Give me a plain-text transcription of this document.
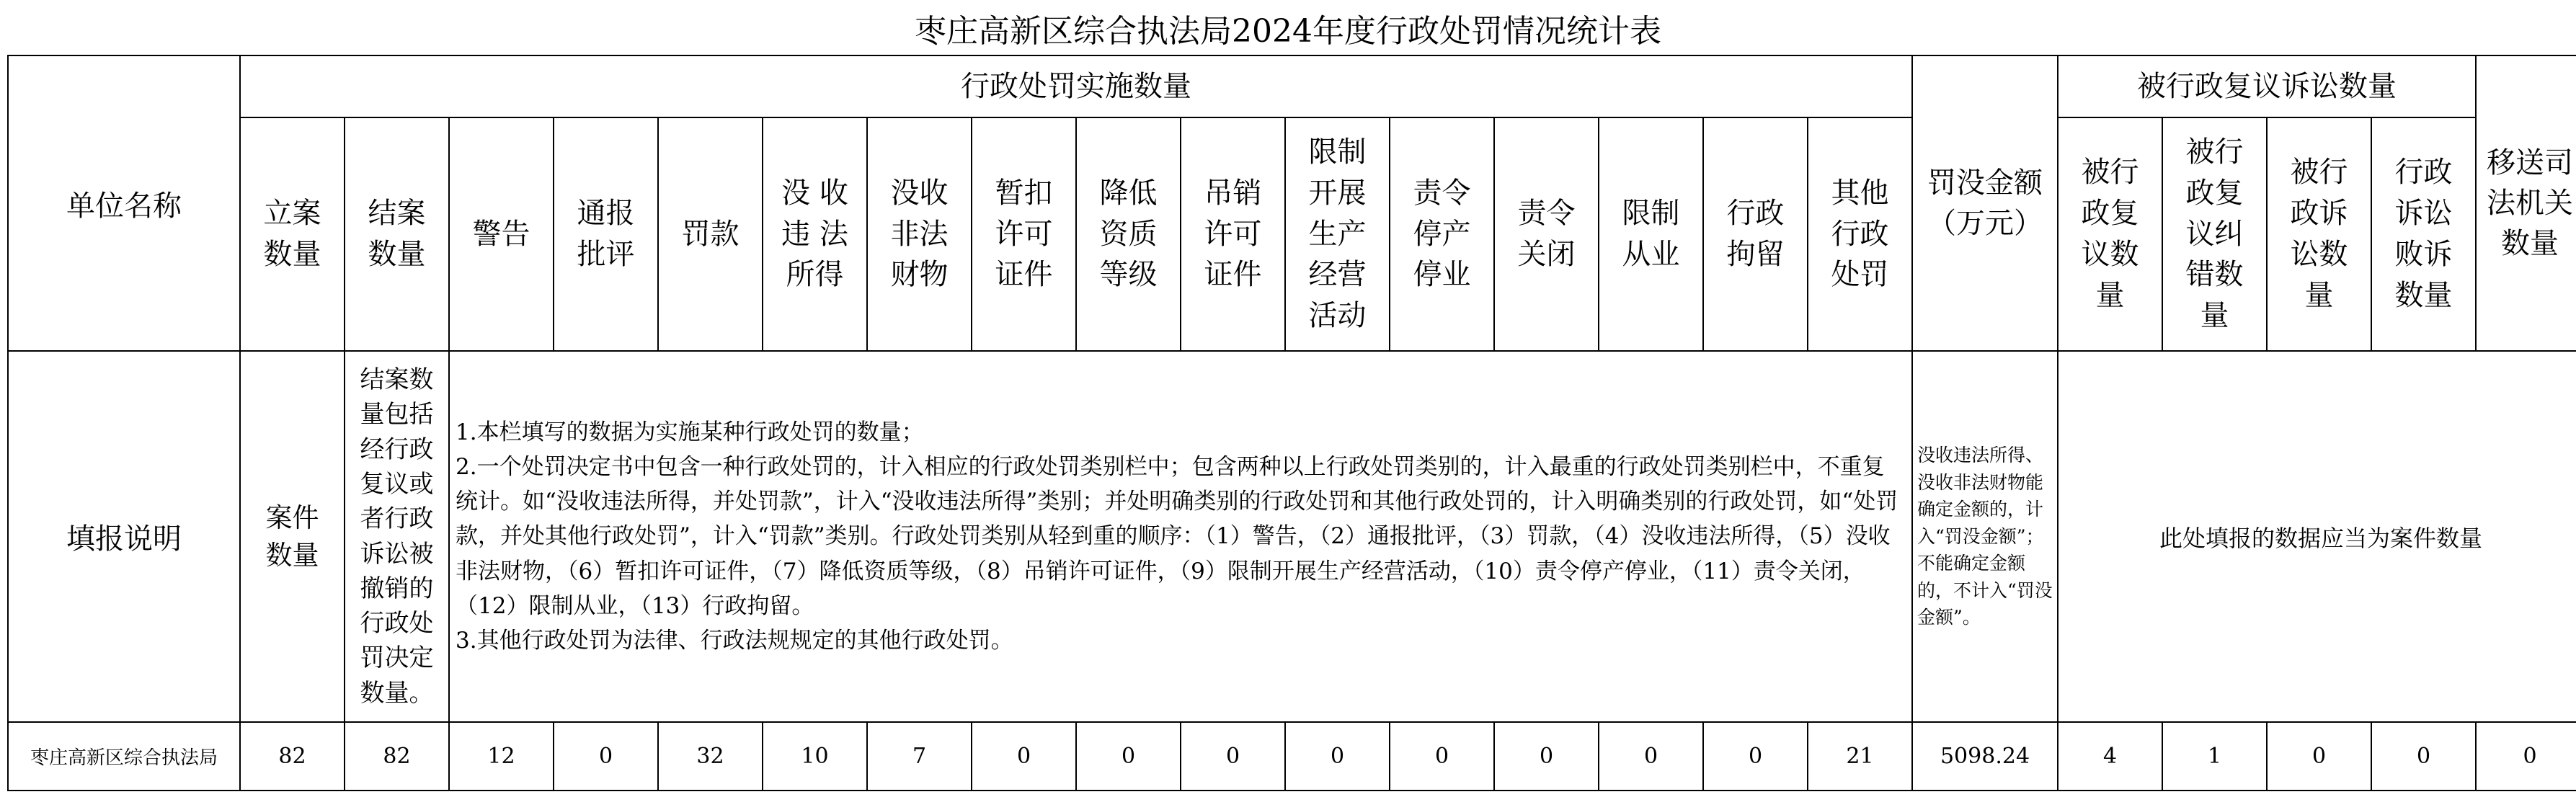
枣庄高新区综合执法局2024年度行政处罚情况统计表
单位名称	行政处罚实施数量																罚没金额（万元）	被行政复议诉讼数量				移送司法机关数量
	立案数量	结案数量	警告	通报批评	罚款	没 收违 法所得	没收非法财物	暂扣许可证件	降低资质等级	吊销许可证件	限制开展生产经营活动	责令停产停业	责令关闭	限制从业	行政拘留	其他行政处罚		被行政复议数量	被行政复议纠错数量	被行政诉讼数量	行政诉讼败诉数量	
填报说明	案件数量	结案数量包括经行政复议或者行政诉讼被撤销的行政处罚决定数量。	1.本栏填写的数据为实施某种行政处罚的数量；
2.一个处罚决定书中包含一种行政处罚的，计入相应的行政处罚类别栏中；包含两种以上行政处罚类别的，计入最重的行政处罚类别栏中，不重复统计。如“没收违法所得，并处罚款”，计入“没收违法所得”类别；并处明确类别的行政处罚和其他行政处罚的，计入明确类别的行政处罚，如“处罚款，并处其他行政处罚”，计入“罚款”类别。行政处罚类别从轻到重的顺序：（1）警告，（2）通报批评，（3）罚款，（4）没收违法所得，（5）没收非法财物，（6）暂扣许可证件，（7）降低资质等级，（8）吊销许可证件，（9）限制开展生产经营活动，（10）责令停产停业，（11）责令关闭，（12）限制从业，（13）行政拘留。
3.其他行政处罚为法律、行政法规规定的其他行政处罚。														没收违法所得、没收非法财物能确定金额的，计入“罚没金额”；不能确定金额的，不计入“罚没金额”。	此处填报的数据应当为案件数量				
枣庄高新区综合执法局	82	82	12	0	32	10	7	0	0	0	0	0	0	0	0	21	5098.24	4	1	0	0	0
